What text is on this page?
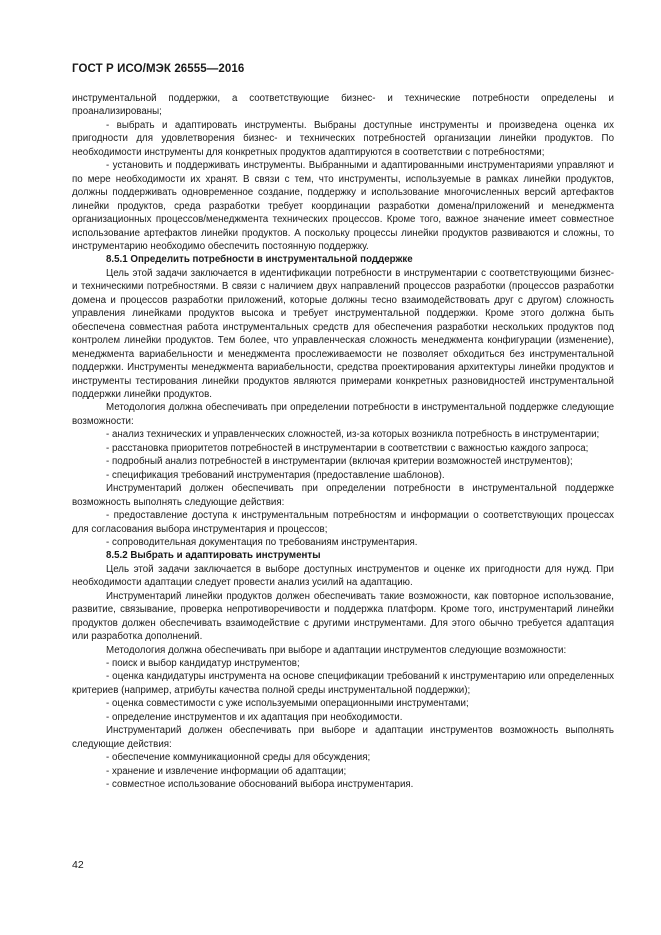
ГОСТ Р ИСО/МЭК 26555—2016

инструментальной поддержки, а соответствующие бизнес- и технические потребности определены и проанализированы;

- выбрать и адаптировать инструменты. Выбраны доступные инструменты и произведена оценка их пригодности для удовлетворения бизнес- и технических потребностей организации линейки продуктов. По необходимости инструменты для конкретных продуктов адаптируются в соответствии с потребностями;

- установить и поддерживать инструменты. Выбранными и адаптированными инструментариями управляют и по мере необходимости их хранят. В связи с тем, что инструменты, используемые в рамках линейки продуктов, должны поддерживать одновременное создание, поддержку и использование многочисленных версий артефактов линейки продуктов, среда разработки требует координации разработки домена/приложений и менеджмента организационных процессов/менеджмента технических процессов. Кроме того, важное значение имеет совместное использование артефактов линейки продуктов. А поскольку процессы линейки продуктов развиваются и сложны, то инструментарию необходимо обеспечить постоянную поддержку.

8.5.1 Определить потребности в инструментальной поддержке

Цель этой задачи заключается в идентификации потребности в инструментарии с соответствующими бизнес- и техническими потребностями. В связи с наличием двух направлений процессов разработки (процессов разработки домена и процессов разработки приложений, которые должны тесно взаимодействовать друг с другом) сложность управления линейками продуктов высока и требует инструментальной поддержки. Кроме этого должна быть обеспечена совместная работа инструментальных средств для обеспечения разработки нескольких продуктов под контролем линейки продуктов. Тем более, что управленческая сложность менеджмента конфигурации (изменение), менеджмента вариабельности и менеджмента прослеживаемости не позволяет обходиться без инструментальной поддержки. Инструменты менеджмента вариабельности, средства проектирования архитектуры линейки продуктов и инструменты тестирования линейки продуктов являются примерами конкретных разновидностей инструментальной поддержки линейки продуктов.

Методология должна обеспечивать при определении потребности в инструментальной поддержке следующие возможности:

- анализ технических и управленческих сложностей, из-за которых возникла потребность в инструментарии;

- расстановка приоритетов потребностей в инструментарии в соответствии с важностью каждого запроса;

- подробный анализ потребностей в инструментарии (включая критерии возможностей инструментов);

- спецификация требований инструментария (предоставление шаблонов).

Инструментарий должен обеспечивать при определении потребности в инструментальной поддержке возможность выполнять следующие действия:

- предоставление доступа к инструментальным потребностям и информации о соответствующих процессах для согласования выбора инструментария и процессов;

- сопроводительная документация по требованиям инструментария.

8.5.2 Выбрать и адаптировать инструменты

Цель этой задачи заключается в выборе доступных инструментов и оценке их пригодности для нужд. При необходимости адаптации следует провести анализ усилий на адаптацию.

Инструментарий линейки продуктов должен обеспечивать такие возможности, как повторное использование, развитие, связывание, проверка непротиворечивости и поддержка платформ. Кроме того, инструментарий линейки продуктов должен обеспечивать взаимодействие с другими инструментами. Для этого обычно требуется адаптация или разработка дополнений.

Методология должна обеспечивать при выборе и адаптации инструментов следующие возможности:

- поиск и выбор кандидатур инструментов;

- оценка кандидатуры инструмента на основе спецификации требований к инструментарию или определенных критериев (например, атрибуты качества полной среды инструментальной поддержки);

- оценка совместимости с уже используемыми операционными инструментами;

- определение инструментов и их адаптация при необходимости.

Инструментарий должен обеспечивать при выборе и адаптации инструментов возможность выполнять следующие действия:

- обеспечение коммуникационной среды для обсуждения;

- хранение и извлечение информации об адаптации;

- совместное использование обоснований выбора инструментария.

42
